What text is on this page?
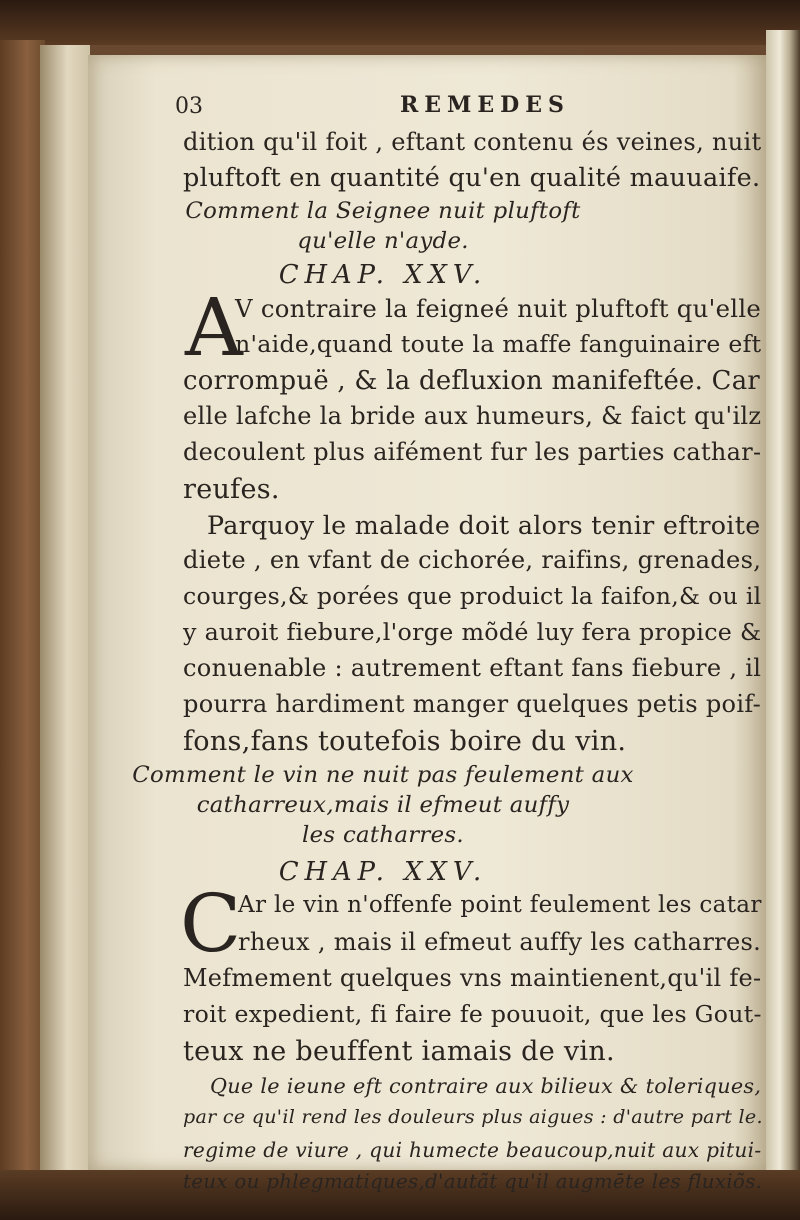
03	REMEDES
dition qu'il foit , eftant contenu és veines, nuit
pluftoft en quantité qu'en qualité mauuaife.
Comment la Seignee nuit pluftoft
qu'elle n'ayde.
CHAP. XXV.
A
V contraire la feigneé nuit pluftoft qu'elle
n'aide,quand toute la maffe fanguinaire eft
corrompuë , & la defluxion manifeftée. Car
elle lafche la bride aux humeurs, & faict qu'ilz
decoulent plus aifément fur les parties cathar-
reufes.
Parquoy le malade doit alors tenir eftroite
diete , en vfant de cichorée, raifins, grenades,
courges,& porées que produict la faifon,& ou il
y auroit fiebure,l'orge mõdé luy fera propice &
conuenable : autrement eftant fans fiebure , il
pourra hardiment manger quelques petis poif-
fons,fans toutefois boire du vin.
Comment le vin ne nuit pas feulement aux
catharreux,mais il efmeut auffy
les catharres.
CHAP. XXV.
C
Ar le vin n'offenfe point feulement les catar
rheux , mais il efmeut auffy les catharres.
Mefmement quelques vns maintienent,qu'il fe-
roit expedient, fi faire fe pouuoit, que les Gout-
teux ne beuffent iamais de vin.
Que le ieune eft contraire aux bilieux & toleriques,
par ce qu'il rend les douleurs plus aigues : d'autre part le.
regime de viure , qui humecte beaucoup,nuit aux pitui-
teux ou phlegmatiques,d'autãt qu'il augmēte les fluxiõs.
